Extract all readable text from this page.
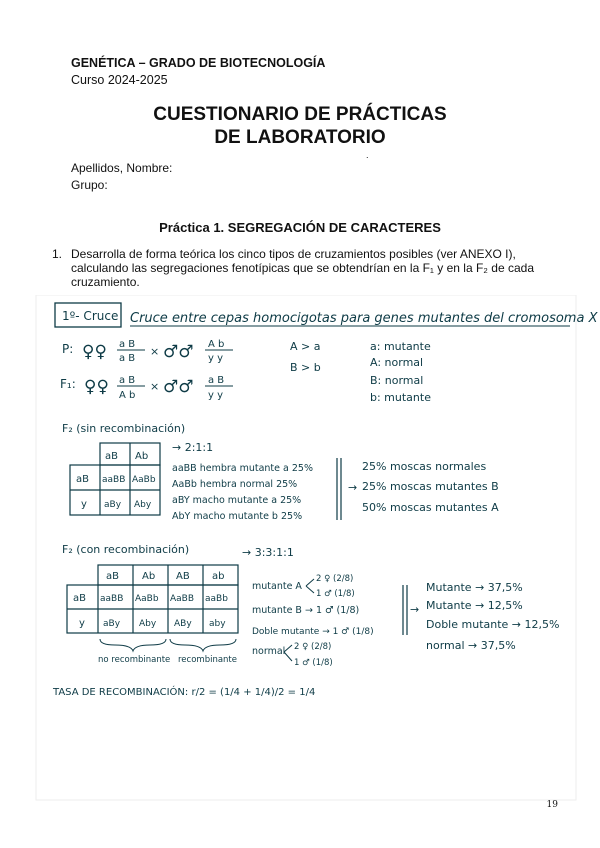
GENÉTICA – GRADO DE BIOTECNOLOGÍA
Curso 2024-2025
CUESTIONARIO DE PRÁCTICAS
DE LABORATORIO
.
Apellidos, Nombre:
Grupo:
Práctica 1. SEGREGACIÓN DE CARACTERES
1. Desarrolla de forma teórica los cinco tipos de cruzamientos posibles (ver ANEXO I), calculando las segregaciones fenotípicas que se obtendrían en la F₁ y en la F₂ de cada cruzamiento.
1º- Cruce Cruce entre cepas homocigotas para genes mutantes del cromosoma X
P: ♀♀ a B
a B
× ♂♂ A b
y y
F₁: ♀♀ a B
A b
× ♂♂ a B
y y
A > a
B > b
a: mutante
A: normal
B: normal
b: mutante
F₂ (sin recombinación)
→ 2:1:1
aB Ab
aB aaBB AaBb
y aBy Aby
aaBB hembra mutante a 25%
AaBb hembra normal 25%
aBY macho mutante a 25%
AbY macho mutante b 25%
→
25% moscas normales
25% moscas mutantes B
50% moscas mutantes A
F₂ (con recombinación)	→ 3:3:1:1
aB Ab AB ab
aB aaBB AaBb AaBB aaBb
y aBy Aby ABy aby
no recombinante recombinante
mutante A
2 ♀ (2/8)
1 ♂ (1/8)
mutante B → 1 ♂ (1/8)
Doble mutante → 1 ♂ (1/8)
normal 2 ♀ (2/8)
1 ♂ (1/8)
→
Mutante → 37,5%
Mutante → 12,5%
Doble mutante → 12,5%
normal → 37,5%
TASA DE RECOMBINACIÓN: r/2 = (1/4 + 1/4)/2 = 1/4
19
